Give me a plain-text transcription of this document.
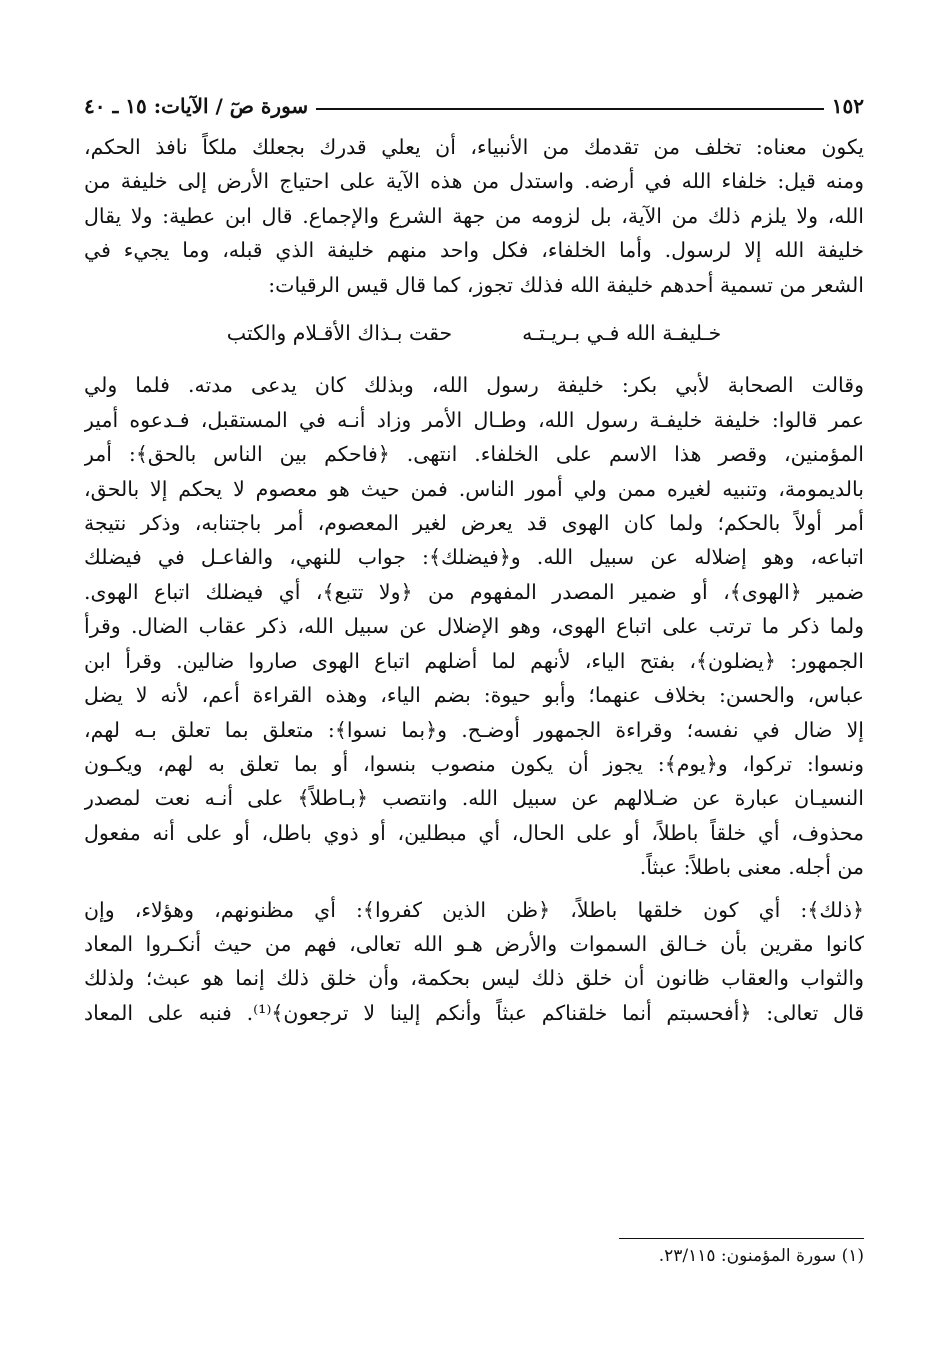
١٥٢
سورة صٓ / الآيات: ١٥ ـ ٤٠
يكون معناه: تخلف من تقدمك من الأنبياء، أن يعلي قدرك بجعلك ملكاً نافذ الحكم،
ومنه قيل: خلفاء الله في أرضه. واستدل من هذه الآية على احتياج الأرض إلى خليفة من
الله، ولا يلزم ذلك من الآية، بل لزومه من جهة الشرع والإجماع. قال ابن عطية: ولا يقال
خليفة الله إلا لرسول. وأما الخلفاء، فكل واحد منهم خليفة الذي قبله، وما يجيء في
الشعر من تسمية أحدهم خليفة الله فذلك تجوز، كما قال قيس الرقيات:
خـليفـة الله فـي بـريـتـه
حقت بـذاك الأقـلام والكتب
وقالت الصحابة لأبي بكر: خليفة رسول الله، وبذلك كان يدعى مدته. فلما ولي
عمر قالوا: خليفة خليفـة رسول الله، وطـال الأمر وزاد أنـه في المستقبل، فـدعوه أمير
المؤمنين، وقصر هذا الاسم على الخلفاء. انتهى. ﴿فاحكم بين الناس بالحق﴾: أمر
بالديمومة، وتنبيه لغيره ممن ولي أمور الناس. فمن حيث هو معصوم لا يحكم إلا بالحق،
أمر أولاً بالحكم؛ ولما كان الهوى قد يعرض لغير المعصوم، أمر باجتنابه، وذكر نتيجة
اتباعه، وهو إضلاله عن سبيل الله. و﴿فيضلك﴾: جواب للنهي، والفاعـل في فيضلك
ضمير ﴿الهوى﴾، أو ضمير المصدر المفهوم من ﴿ولا تتبع﴾، أي فيضلك اتباع الهوى.
ولما ذكر ما ترتب على اتباع الهوى، وهو الإضلال عن سبيل الله، ذكر عقاب الضال. وقرأ
الجمهور: ﴿يضلون﴾، بفتح الياء، لأنهم لما أضلهم اتباع الهوى صاروا ضالين. وقرأ ابن
عباس، والحسن: بخلاف عنهما؛ وأبو حيوة: بضم الياء، وهذه القراءة أعم، لأنه لا يضل
إلا ضال في نفسه؛ وقراءة الجمهور أوضـح. و﴿بما نسوا﴾: متعلق بما تعلق بـه لهم،
ونسوا: تركوا، و﴿يوم﴾: يجوز أن يكون منصوب بنسوا، أو بما تعلق به لهم، ويكـون
النسيـان عبارة عن ضـلالهم عن سبيل الله. وانتصب ﴿بـاطلاً﴾ على أنـه نعت لمصدر
محذوف، أي خلقاً باطلاً، أو على الحال، أي مبطلين، أو ذوي باطل، أو على أنه مفعول
من أجله. معنى باطلاً: عبثاً.
﴿ذلك﴾: أي كون خلقها باطلاً، ﴿ظن الذين كفروا﴾: أي مظنونهم، وهؤلاء، وإن
كانوا مقرين بأن خـالق السموات والأرض هـو الله تعالى، فهم من حيث أنكـروا المعاد
والثواب والعقاب ظانون أن خلق ذلك ليس بحكمة، وأن خلق ذلك إنما هو عبث؛ ولذلك
قال تعالى: ﴿أفحسبتم أنما خلقناكم عبثاً وأنكم إلينا لا ترجعون﴾⁽¹⁾. فنبه على المعاد
(١) سورة المؤمنون: ٢٣/١١٥.
